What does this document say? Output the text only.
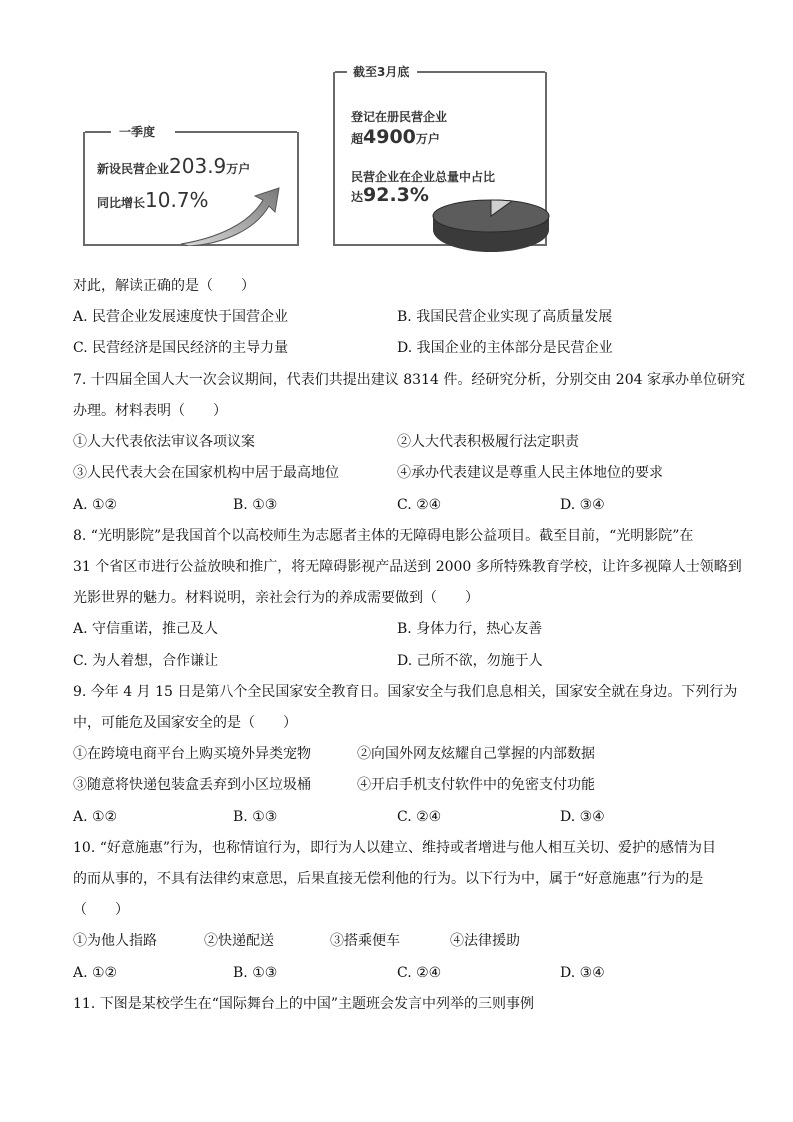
一季度
新设民营企业203.9万户
同比增长10.7%
截至3月底
登记在册民营企业
超4900万户
民营企业在企业总量中占比
达92.3%
对此，解读正确的是（　　）
A. 民营企业发展速度快于国营企业	B. 我国民营企业实现了高质量发展
C. 民营经济是国民经济的主导力量	D. 我国企业的主体部分是民营企业
7. 十四届全国人大一次会议期间，代表们共提出建议 8314 件。经研究分析，分别交由 204 家承办单位研究
办理。材料表明（　　）
①人大代表依法审议各项议案	②人大代表积极履行法定职责
③人民代表大会在国家机构中居于最高地位	④承办代表建议是尊重人民主体地位的要求
A. ①②	B. ①③	C. ②④	D. ③④
8. “光明影院”是我国首个以高校师生为志愿者主体的无障碍电影公益项目。截至目前，“光明影院”在
31 个省区市进行公益放映和推广，将无障碍影视产品送到 2000 多所特殊教育学校，让许多视障人士领略到
光影世界的魅力。材料说明，亲社会行为的养成需要做到（　　）
A. 守信重诺，推己及人	B. 身体力行，热心友善
C. 为人着想，合作谦让	D. 己所不欲，勿施于人
9. 今年 4 月 15 日是第八个全民国家安全教育日。国家安全与我们息息相关，国家安全就在身边。下列行为
中，可能危及国家安全的是（　　）
①在跨境电商平台上购买境外异类宠物	②向国外网友炫耀自己掌握的内部数据
③随意将快递包装盒丢弃到小区垃圾桶	④开启手机支付软件中的免密支付功能
A. ①②	B. ①③	C. ②④	D. ③④
10. “好意施惠”行为，也称情谊行为，即行为人以建立、维持或者增进与他人相互关切、爱护的感情为目
的而从事的，不具有法律约束意思，后果直接无偿利他的行为。以下行为中，属于“好意施惠”行为的是
（　　）
①为他人指路	②快递配送	③搭乘便车	④法律援助
A. ①②	B. ①③	C. ②④	D. ③④
11. 下图是某校学生在“国际舞台上的中国”主题班会发言中列举的三则事例
